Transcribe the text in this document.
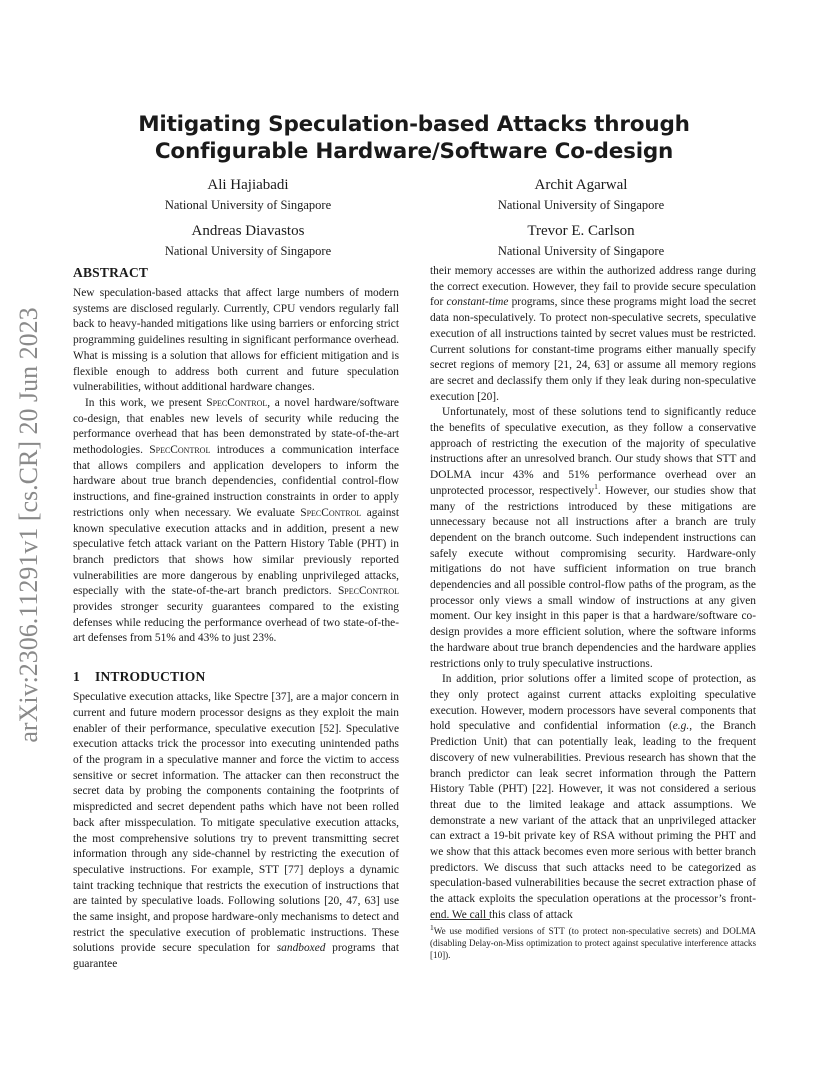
Mitigating Speculation-based Attacks through Configurable Hardware/Software Co-design
Ali Hajiabadi
National University of Singapore
Archit Agarwal
National University of Singapore
Andreas Diavastos
National University of Singapore
Trevor E. Carlson
National University of Singapore
arXiv:2306.11291v1 [cs.CR] 20 Jun 2023
ABSTRACT

New speculation-based attacks that affect large numbers of modern systems are disclosed regularly. Currently, CPU vendors regularly fall back to heavy-handed mitigations like using barriers or enforcing strict programming guidelines resulting in significant performance overhead. What is missing is a solution that allows for efficient mitigation and is flexible enough to address both current and future speculation vulnerabilities, without additional hardware changes.

In this work, we present SpecControl, a novel hardware/software co-design, that enables new levels of security while reducing the performance overhead that has been demonstrated by state-of-the-art methodologies. SpecControl introduces a communication interface that allows compilers and application developers to inform the hardware about true branch dependencies, confidential control-flow instructions, and fine-grained instruction constraints in order to apply restrictions only when necessary. We evaluate SpecControl against known speculative execution attacks and in addition, present a new speculative fetch attack variant on the Pattern History Table (PHT) in branch predictors that shows how similar previously reported vulnerabilities are more dangerous by enabling unprivileged attacks, especially with the state-of-the-art branch predictors. SpecControl provides stronger security guarantees compared to the existing defenses while reducing the performance overhead of two state-of-the-art defenses from 51% and 43% to just 23%.

1 INTRODUCTION

Speculative execution attacks, like Spectre [37], are a major concern in current and future modern processor designs as they exploit the main enabler of their performance, speculative execution [52]. Speculative execution attacks trick the processor into executing unintended paths of the program in a speculative manner and force the victim to access sensitive or secret information. The attacker can then reconstruct the secret data by probing the components containing the footprints of mispredicted and secret dependent paths which have not been rolled back after misspeculation. To mitigate speculative execution attacks, the most comprehensive solutions try to prevent transmitting secret information through any side-channel by restricting the execution of speculative instructions. For example, STT [77] deploys a dynamic taint tracking technique that restricts the execution of instructions that are tainted by speculative loads. Following solutions [20, 47, 63] use the same insight, and propose hardware-only mechanisms to detect and restrict the speculative execution of problematic instructions. These solutions provide secure speculation for sandboxed programs that guarantee

their memory accesses are within the authorized address range during the correct execution. However, they fail to provide secure speculation for constant-time programs, since these programs might load the secret data non-speculatively. To protect non-speculative secrets, speculative execution of all instructions tainted by secret values must be restricted. Current solutions for constant-time programs either manually specify secret regions of memory [21, 24, 63] or assume all memory regions are secret and declassify them only if they leak during non-speculative execution [20].

Unfortunately, most of these solutions tend to significantly reduce the benefits of speculative execution, as they follow a conservative approach of restricting the execution of the majority of speculative instructions after an unresolved branch. Our study shows that STT and DOLMA incur 43% and 51% performance overhead over an unprotected processor, respectively$^1$. However, our studies show that many of the restrictions introduced by these mitigations are unnecessary because not all instructions after a branch are truly dependent on the branch outcome. Such independent instructions can safely execute without compromising security. Hardware-only mitigations do not have sufficient information on true branch dependencies and all possible control-flow paths of the program, as the processor only views a small window of instructions at any given moment. Our key insight in this paper is that a hardware/software co-design provides a more efficient solution, where the software informs the hardware about true branch dependencies and the hardware applies restrictions only to truly speculative instructions.

In addition, prior solutions offer a limited scope of protection, as they only protect against current attacks exploiting speculative execution. However, modern processors have several components that hold speculative and confidential information (e.g., the Branch Prediction Unit) that can potentially leak, leading to the frequent discovery of new vulnerabilities. Previous research has shown that the branch predictor can leak secret information through the Pattern History Table (PHT) [22]. However, it was not considered a serious threat due to the limited leakage and attack assumptions. We demonstrate a new variant of the attack that an unprivileged attacker can extract a 19-bit private key of RSA without priming the PHT and we show that this attack becomes even more serious with better branch predictors. We discuss that such attacks need to be categorized as speculation-based vulnerabilities because the secret extraction phase of the attack exploits the speculation operations at the processor’s front-end. We call this class of attack

$^1$We use modified versions of STT (to protect non-speculative secrets) and DOLMA (disabling Delay-on-Miss optimization to protect against speculative interference attacks [10]).
